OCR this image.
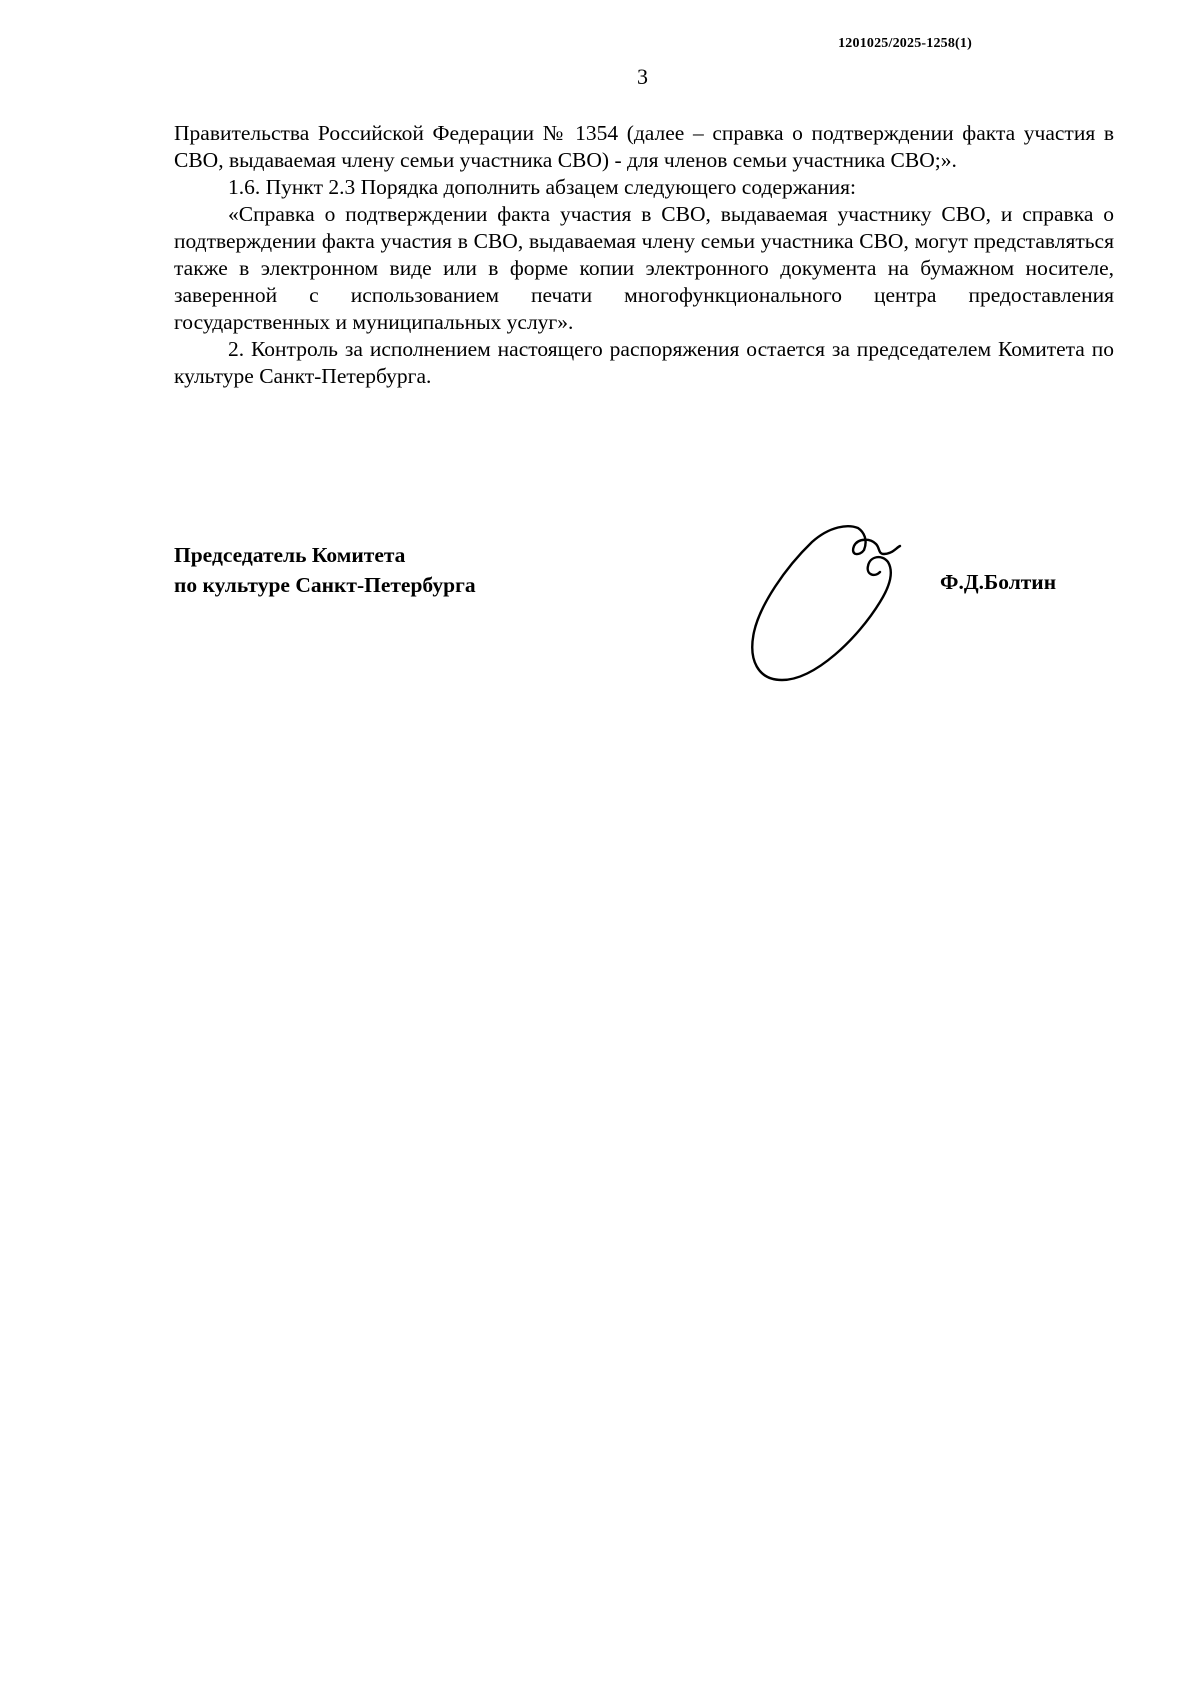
1201025/2025-1258(1)
3

Правительства Российской Федерации № 1354 (далее – справка о подтверждении факта участия в СВО, выдаваемая члену семьи участника СВО) - для членов семьи участника СВО;».

1.6. Пункт 2.3 Порядка дополнить абзацем следующего содержания:

«Справка о подтверждении факта участия в СВО, выдаваемая участнику СВО, и справка о подтверждении факта участия в СВО, выдаваемая члену семьи участника СВО, могут представляться также в электронном виде или в форме копии электронного документа на бумажном носителе, заверенной с использованием печати многофункционального центра предоставления государственных и муниципальных услуг».

2. Контроль за исполнением настоящего распоряжения остается за председателем Комитета по культуре Санкт-Петербурга.

Председатель Комитета
по культуре Санкт-Петербурга	Ф.Д.Болтин
